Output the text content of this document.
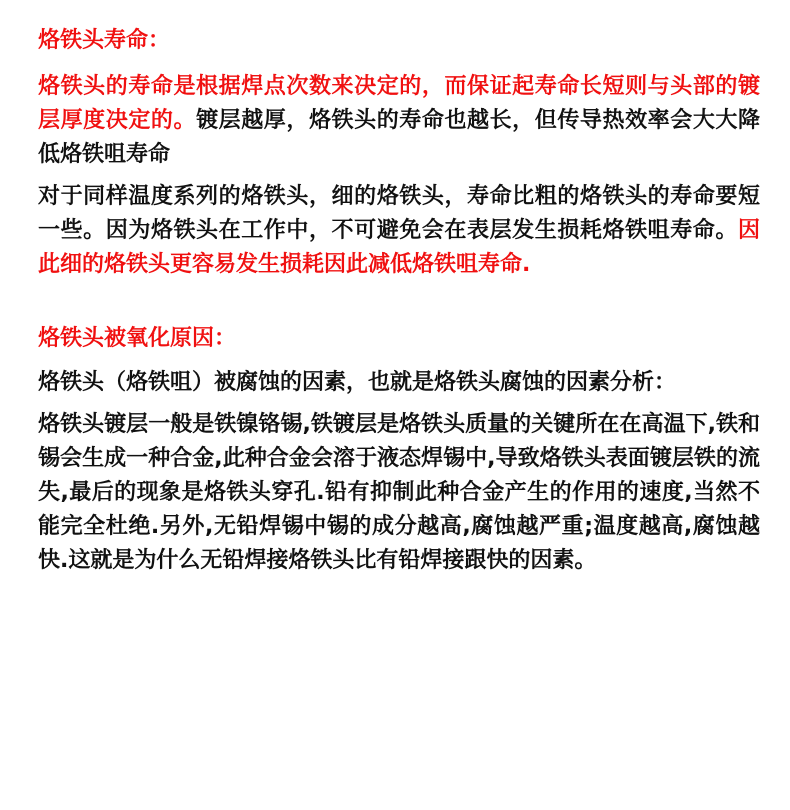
烙铁头寿命：

烙铁头的寿命是根据焊点次数来决定的，而保证起寿命长短则与头部的镀层厚度决定的。镀层越厚，烙铁头的寿命也越长，但传导热效率会大大降低烙铁咀寿命

对于同样温度系列的烙铁头，细的烙铁头，寿命比粗的烙铁头的寿命要短一些。因为烙铁头在工作中，不可避免会在表层发生损耗烙铁咀寿命。因此细的烙铁头更容易发生损耗因此减低烙铁咀寿命.

烙铁头被氧化原因：

烙铁头（烙铁咀）被腐蚀的因素，也就是烙铁头腐蚀的因素分析：

烙铁头镀层一般是铁镍铬锡,铁镀层是烙铁头质量的关键所在在高温下,铁和锡会生成一种合金,此种合金会溶于液态焊锡中,导致烙铁头表面镀层铁的流失,最后的现象是烙铁头穿孔.铅有抑制此种合金产生的作用的速度,当然不能完全杜绝.另外,无铅焊锡中锡的成分越高,腐蚀越严重;温度越高,腐蚀越快.这就是为什么无铅焊接烙铁头比有铅焊接跟快的因素。
